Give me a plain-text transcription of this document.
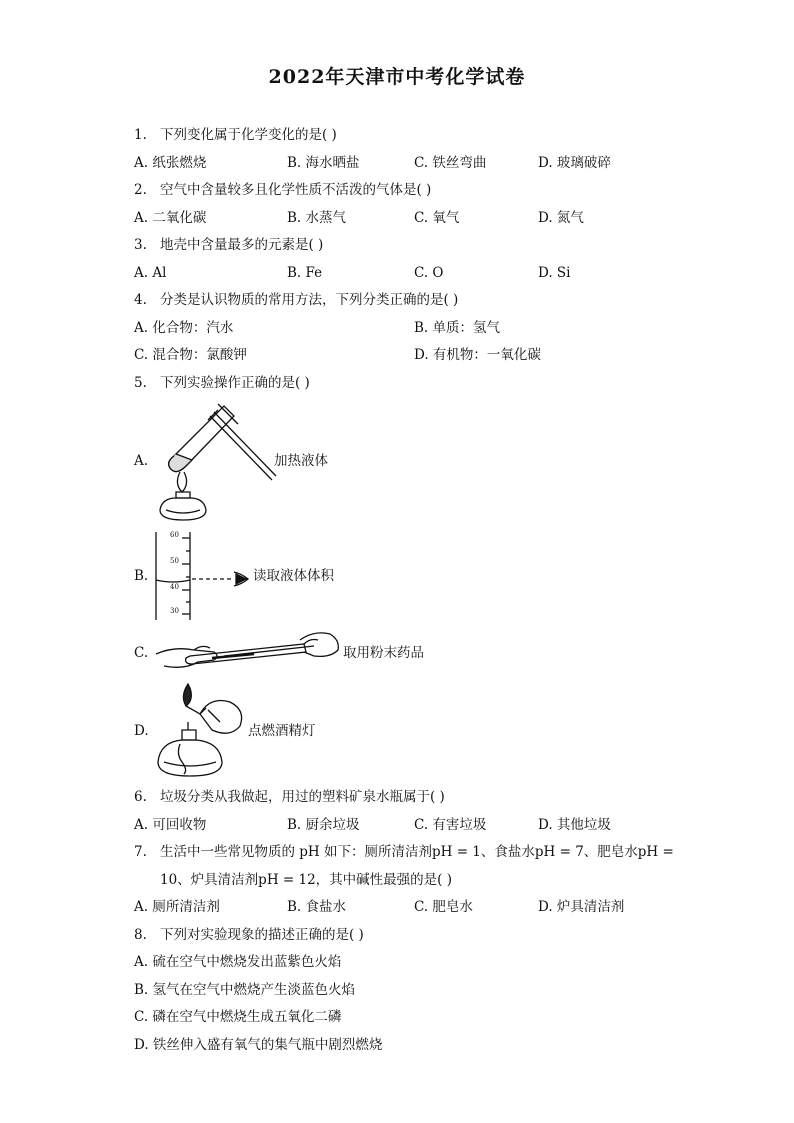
2022年天津市中考化学试卷
1. 下列变化属于化学变化的是( )
A. 纸张燃烧	B. 海水晒盐	C. 铁丝弯曲	D. 玻璃破碎
2. 空气中含量较多且化学性质不活泼的气体是( )
A. 二氧化碳	B. 水蒸气	C. 氧气	D. 氮气
3. 地壳中含量最多的元素是( )
A. Al	B. Fe	C. O	D. Si
4. 分类是认识物质的常用方法，下列分类正确的是( )
A. 化合物：汽水	B. 单质：氢气
C. 混合物：氯酸钾	D. 有机物：一氧化碳
5. 下列实验操作正确的是( )
A.	加热液体
B.
60
50
40
30
读取液体体积
C.	取用粉末药品
D.	点燃酒精灯
6. 垃圾分类从我做起，用过的塑料矿泉水瓶属于( )
A. 可回收物	B. 厨余垃圾	C. 有害垃圾	D. 其他垃圾
7. 生活中一些常见物质的 pH 如下：厕所清洁剂pH = 1、食盐水pH = 7、肥皂水pH =
10、炉具清洁剂pH = 12，其中碱性最强的是( )
A. 厕所清洁剂	B. 食盐水	C. 肥皂水	D. 炉具清洁剂
8. 下列对实验现象的描述正确的是( )
A. 硫在空气中燃烧发出蓝紫色火焰
B. 氢气在空气中燃烧产生淡蓝色火焰
C. 磷在空气中燃烧生成五氧化二磷
D. 铁丝伸入盛有氧气的集气瓶中剧烈燃烧
